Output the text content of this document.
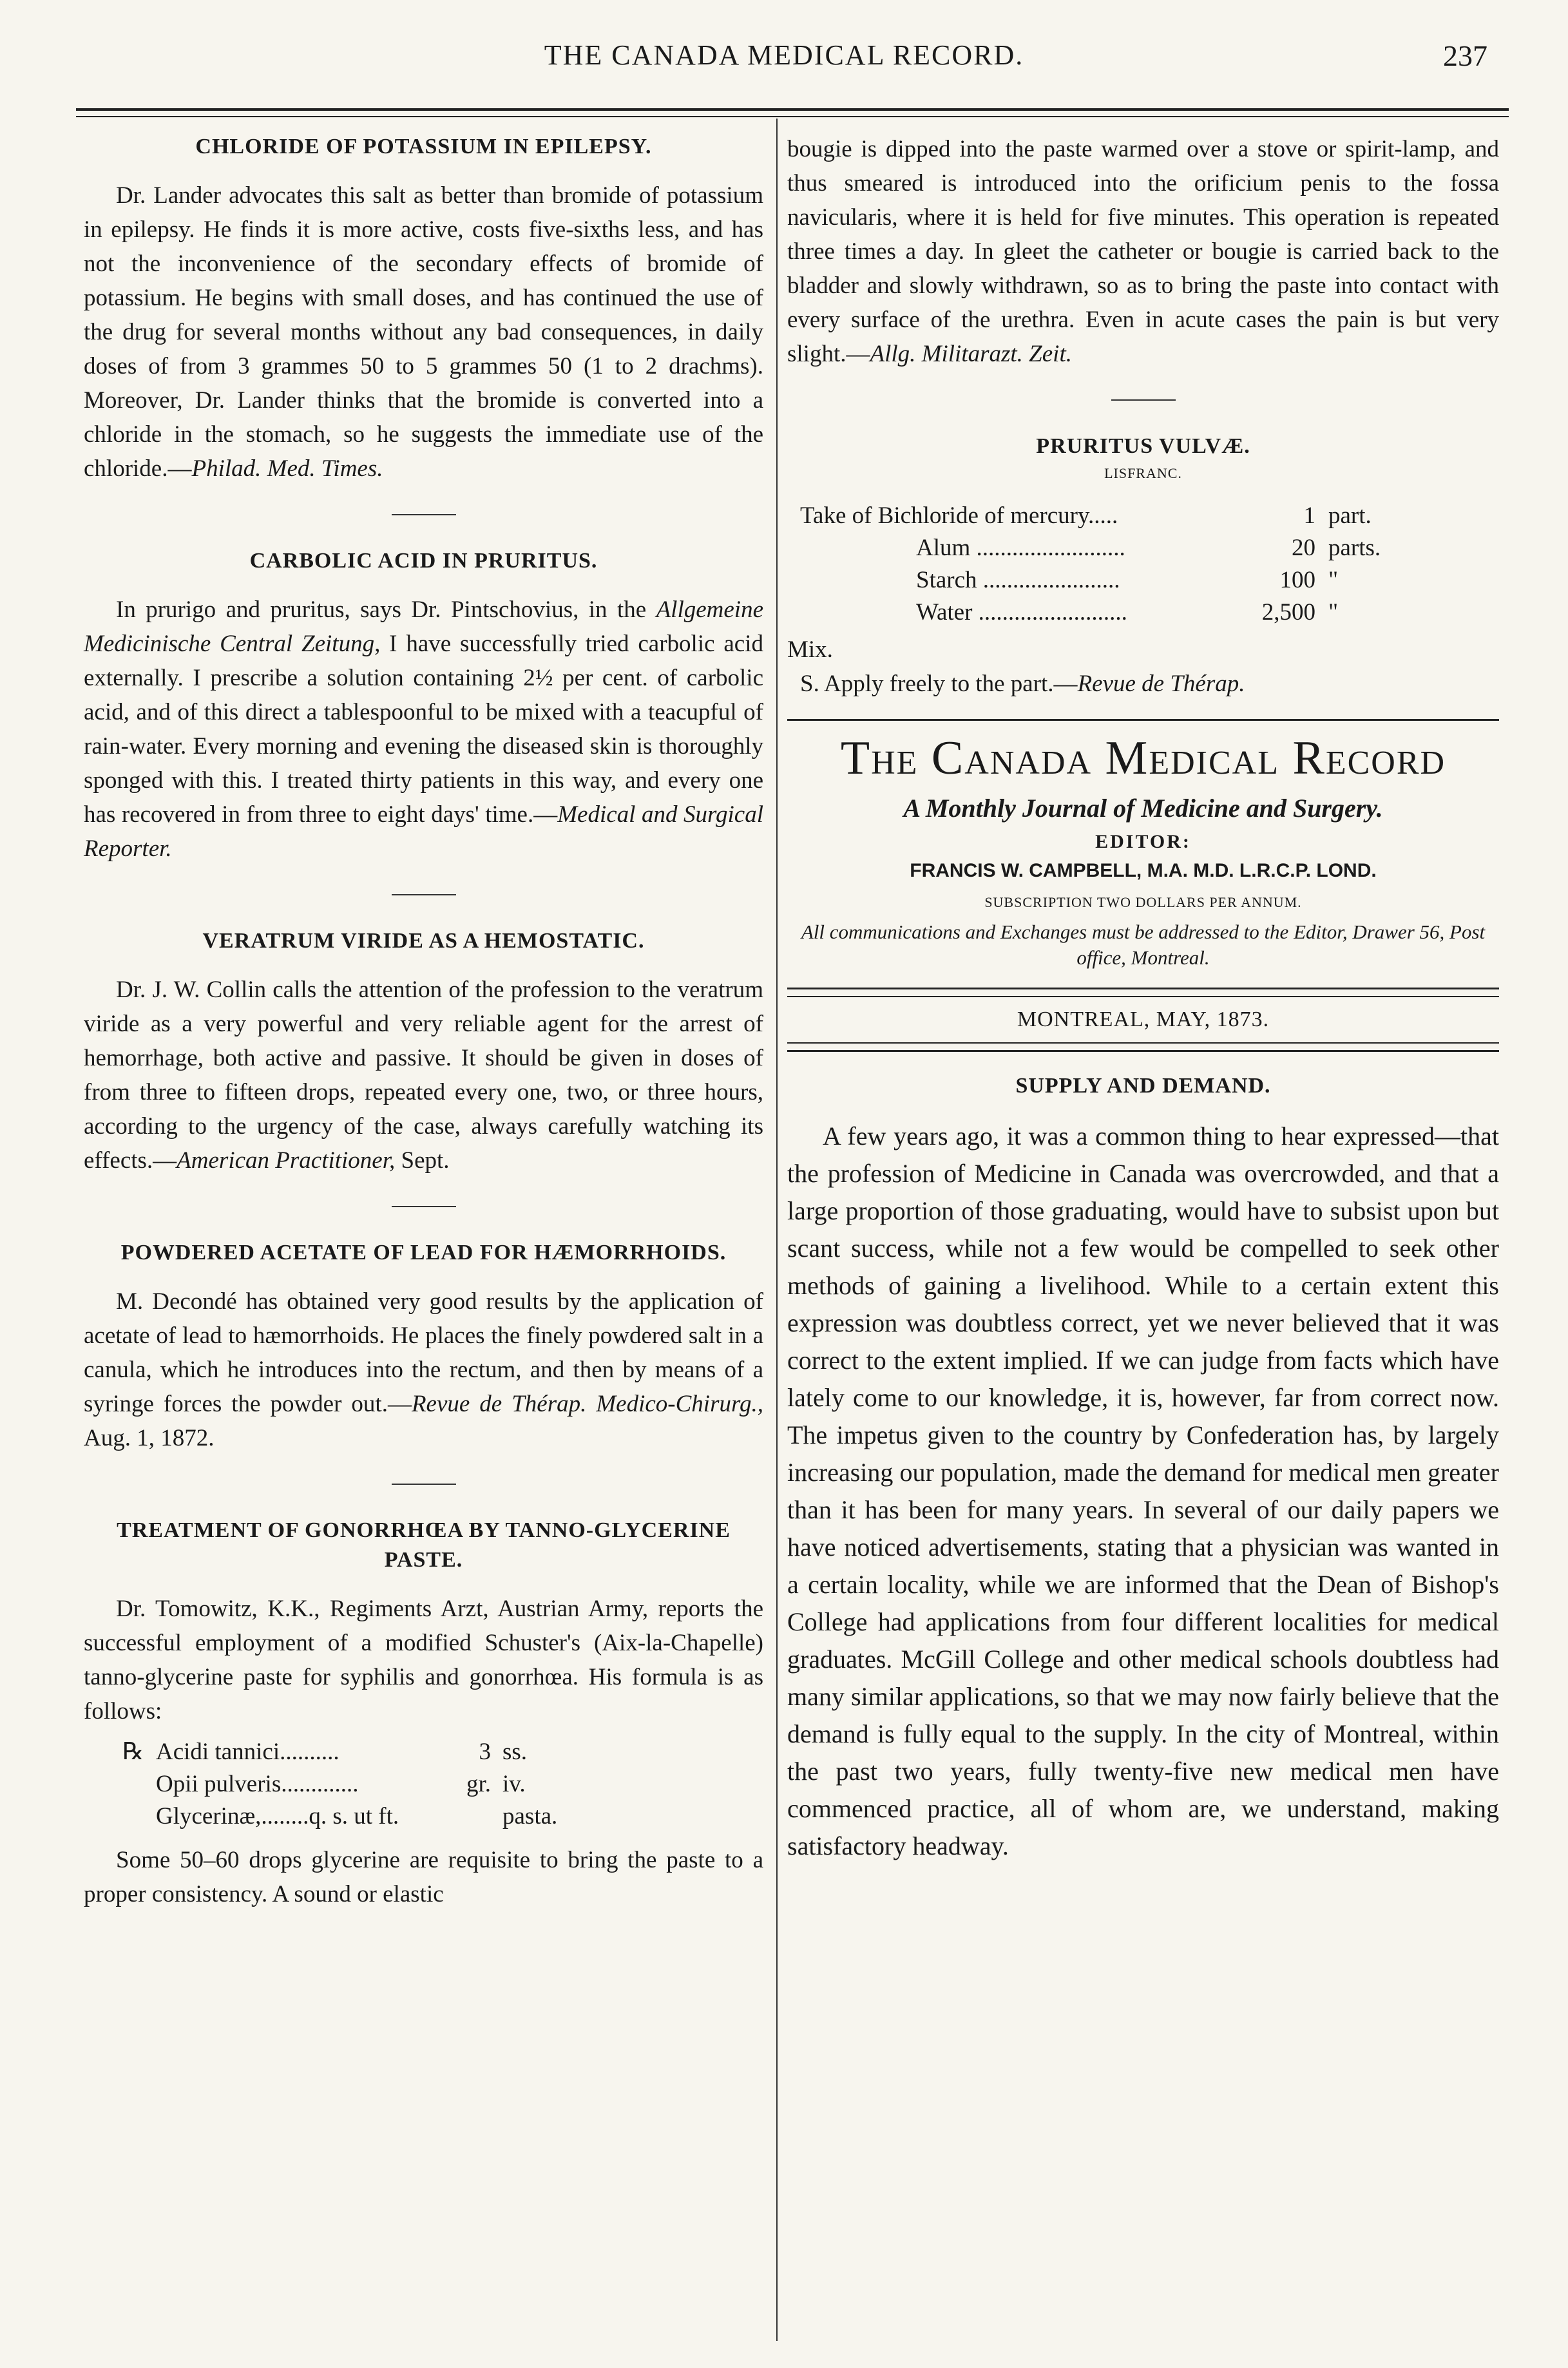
THE CANADA MEDICAL RECORD.	237
CHLORIDE OF POTASSIUM IN EPILEPSY.

Dr. Lander advocates this salt as better than bromide of potassium in epilepsy. He finds it is more active, costs five-sixths less, and has not the inconvenience of the secondary effects of bromide of potassium. He begins with small doses, and has continued the use of the drug for several months without any bad consequences, in daily doses of from 3 grammes 50 to 5 grammes 50 (1 to 2 drachms). Moreover, Dr. Lander thinks that the bromide is converted into a chloride in the stomach, so he suggests the immediate use of the chloride.—Philad. Med. Times.

CARBOLIC ACID IN PRURITUS.

In prurigo and pruritus, says Dr. Pintschovius, in the Allgemeine Medicinische Central Zeitung, I have successfully tried carbolic acid externally. I prescribe a solution containing 2½ per cent. of carbolic acid, and of this direct a tablespoonful to be mixed with a teacupful of rain-water. Every morning and evening the diseased skin is thoroughly sponged with this. I treated thirty patients in this way, and every one has recovered in from three to eight days' time.—Medical and Surgical Reporter.

VERATRUM VIRIDE AS A HEMOSTATIC.

Dr. J. W. Collin calls the attention of the profession to the veratrum viride as a very powerful and very reliable agent for the arrest of hemorrhage, both active and passive. It should be given in doses of from three to fifteen drops, repeated every one, two, or three hours, according to the urgency of the case, always carefully watching its effects.—American Practitioner, Sept.

POWDERED ACETATE OF LEAD FOR HÆMORRHOIDS.

M. Decondé has obtained very good results by the application of acetate of lead to hæmorrhoids. He places the finely powdered salt in a canula, which he introduces into the rectum, and then by means of a syringe forces the powder out.—Revue de Thérap. Medico-Chirurg., Aug. 1, 1872.

TREATMENT OF GONORRHŒA BY TANNO-GLYCERINE PASTE.

Dr. Tomowitz, K.K., Regiments Arzt, Austrian Army, reports the successful employment of a modified Schuster's (Aix-la-Chapelle) tanno-glycerine paste for syphilis and gonorrhœa. His formula is as follows:

℞ Acidi tannici..........	3 ss.
Opii pulveris.............	gr. iv.
Glycerinæ,........q. s. ut ft.	pasta.

Some 50–60 drops glycerine are requisite to bring the paste to a proper consistency. A sound or elastic

bougie is dipped into the paste warmed over a stove or spirit-lamp, and thus smeared is introduced into the orificium penis to the fossa navicularis, where it is held for five minutes. This operation is repeated three times a day. In gleet the catheter or bougie is carried back to the bladder and slowly withdrawn, so as to bring the paste into contact with every surface of the urethra. Even in acute cases the pain is but very slight.—Allg. Militarazt. Zeit.

PRURITUS VULVÆ.
LISFRANC.
Take of Bichloride of mercury.....	1 part.
Alum .........................	20 parts.
Starch .......................	100 "
Water .........................	2,500 "

Mix.

S. Apply freely to the part.—Revue de Thérap.

The Canada Medical Record
A Monthly Journal of Medicine and Surgery.
EDITOR:
FRANCIS W. CAMPBELL, M.A. M.D. L.R.C.P. LOND.
SUBSCRIPTION TWO DOLLARS PER ANNUM.
All communications and Exchanges must be addressed to the Editor, Drawer 56, Post office, Montreal.
MONTREAL, MAY, 1873.
SUPPLY AND DEMAND.

A few years ago, it was a common thing to hear expressed—that the profession of Medicine in Canada was overcrowded, and that a large proportion of those graduating, would have to subsist upon but scant success, while not a few would be compelled to seek other methods of gaining a livelihood. While to a certain extent this expression was doubtless correct, yet we never believed that it was correct to the extent implied. If we can judge from facts which have lately come to our knowledge, it is, however, far from correct now. The impetus given to the country by Confederation has, by largely increasing our population, made the demand for medical men greater than it has been for many years. In several of our daily papers we have noticed advertisements, stating that a physician was wanted in a certain locality, while we are informed that the Dean of Bishop's College had applications from four different localities for medical graduates. McGill College and other medical schools doubtless had many similar applications, so that we may now fairly believe that the demand is fully equal to the supply. In the city of Montreal, within the past two years, fully twenty-five new medical men have commenced practice, all of whom are, we understand, making satisfactory headway.
